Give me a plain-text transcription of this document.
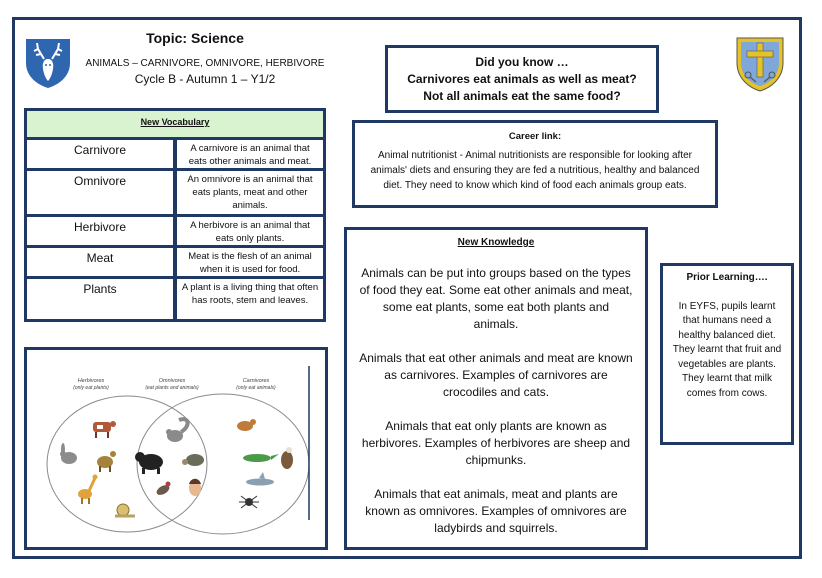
Topic: Science
ANIMALS – CARNIVORE, OMNIVORE, HERBIVORE
Cycle B - Autumn 1 – Y1/2
Did you know …
Carnivores eat animals as well as meat?
Not all animals eat the same food?
Career link:
Animal nutritionist - Animal nutritionists are responsible for looking after animals' diets and ensuring they are fed a nutritious, healthy and balanced diet. They need to know which kind of food each animals group eats.
New Vocabulary
Carnivore	A carnivore is an animal that eats other animals and meat.
Omnivore	An omnivore is an animal that eats plants, meat and other animals.
Herbivore	A herbivore is an animal that eats only plants.
Meat	Meat is the flesh of an animal when it is used for food.
Plants	A plant is a living thing that often has roots, stem and leaves.
Herbivores
(only eat plants)
Omnivores
(eat plants and animals)
Carnivores
(only eat animals)
New Knowledge

Animals can be put into groups based on the types of food they eat. Some eat other animals and meat, some eat plants, some eat both plants and animals.

Animals that eat other animals and meat are known as carnivores. Examples of carnivores are crocodiles and cats.

Animals that eat only plants are known as herbivores. Examples of herbivores are sheep and chipmunks.

Animals that eat animals, meat and plants are known as omnivores. Examples of omnivores are ladybirds and squirrels.

Prior Learning….
In EYFS, pupils learnt that humans need a healthy balanced diet. They learnt that fruit and vegetables are plants. They learnt that milk comes from cows.
